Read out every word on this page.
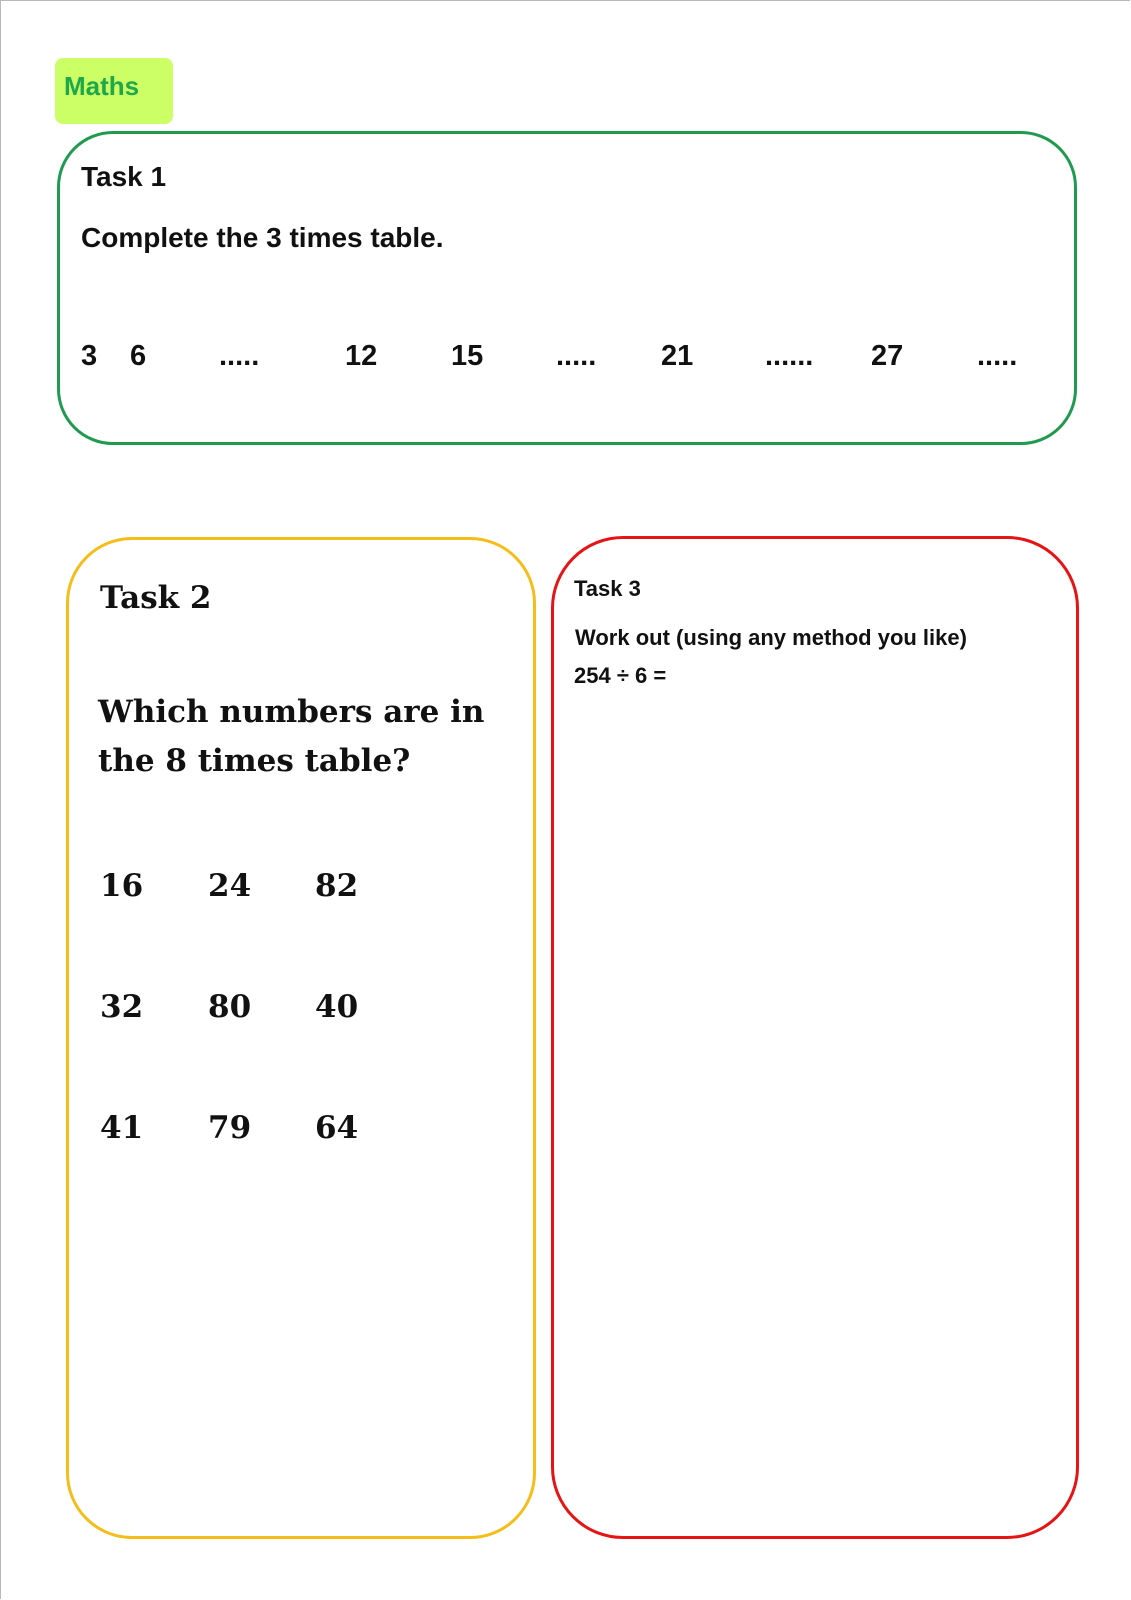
Maths
Task 1
Complete the 3 times table.
3 6	.....	12	15	..... 21 ...... 27	.....
Task 2
Which numbers are in the 8 times table?
16 24 82
32 80 40
41 79 64
Task 3
Work out (using any method you like)
254 ÷ 6 =
